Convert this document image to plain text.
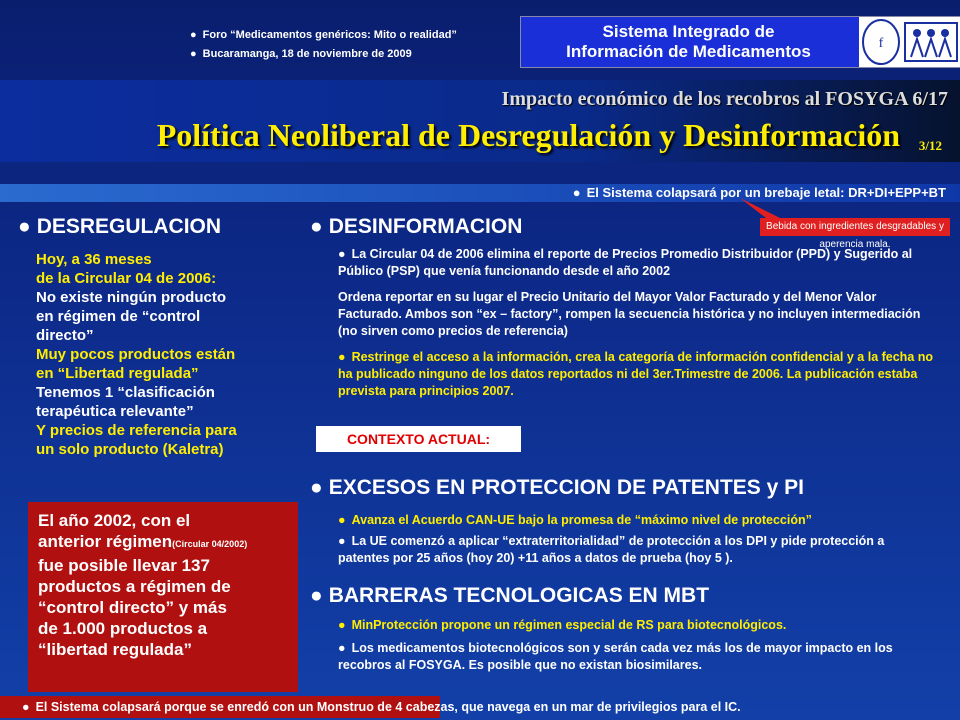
● Foro “Medicamentos genéricos: Mito o realidad”
● Bucaramanga, 18 de noviembre de 2009
Sistema Integrado de
Información de Medicamentos	f
Impacto económico de los recobros al FOSYGA 6/17
Política Neoliberal de Desregulación y Desinformación 3/12
● El Sistema colapsará por un brebaje letal: DR+DI+EPP+BT
Bebida con ingredientes desgradables y aperencia mala.
● DESREGULACION
Hoy, a 36 meses
de la Circular 04 de 2006:
No existe ningún producto
en régimen de “control
directo”
Muy pocos productos están
en “Libertad regulada”
Tenemos 1 “clasificación
terapéutica relevante”
Y precios de referencia para
un solo producto (Kaletra)
El año 2002, con el
anterior régimen(Circular 04/2002)
fue posible llevar 137
productos a régimen de
“control directo” y más
de 1.000 productos a
“libertad regulada”
● DESINFORMACION
● La Circular 04 de 2006 elimina el reporte de Precios Promedio Distribuidor (PPD) y Sugerido al Público (PSP) que venía funcionando desde el año 2002
Ordena reportar en su lugar el Precio Unitario del Mayor Valor Facturado y del Menor Valor Facturado. Ambos son “ex – factory”, rompen la secuencia histórica y no incluyen intermediación (no sirven como precios de referencia)
● Restringe el acceso a la información, crea la categoría de información confidencial y a la fecha no ha publicado ninguno de los datos reportados ni del 3er.Trimestre de 2006. La publicación estaba prevista para principios 2007.
CONTEXTO ACTUAL:
● EXCESOS EN PROTECCION DE PATENTES y PI
● Avanza el Acuerdo CAN-UE bajo la promesa de “máximo nivel de protección”
● La UE comenzó a aplicar “extraterritorialidad” de protección a los DPI y pide protección a patentes por 25 años (hoy 20) +11 años a datos de prueba (hoy 5 ).
● BARRERAS TECNOLOGICAS EN MBT
● MinProtección propone un régimen especial de RS para biotecnológicos.
● Los medicamentos biotecnológicos son y serán cada vez más los de mayor impacto en los recobros al FOSYGA. Es posible que no existan biosimilares.
● El Sistema colapsará porque se enredó con un Monstruo de 4 cabezas, que navega en un mar de privilegios para el IC.
